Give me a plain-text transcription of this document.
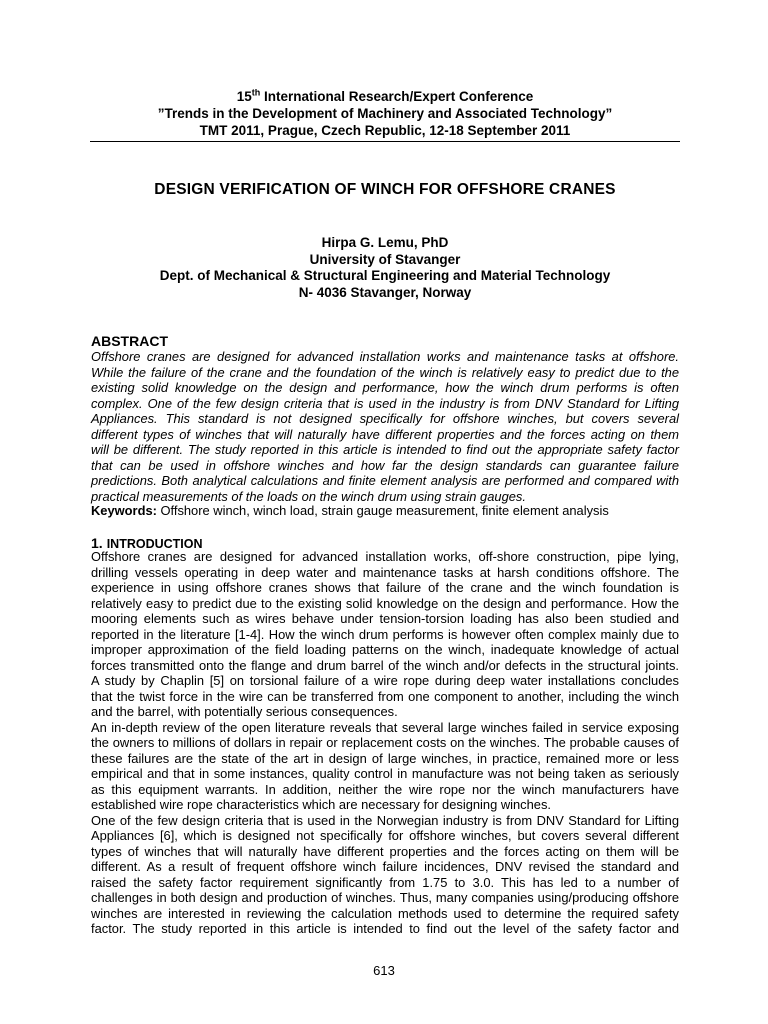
15th International Research/Expert Conference
”Trends in the Development of Machinery and Associated Technology”
TMT 2011, Prague, Czech Republic, 12-18 September 2011
DESIGN VERIFICATION OF WINCH FOR OFFSHORE CRANES
Hirpa G. Lemu, PhD
University of Stavanger
Dept. of Mechanical & Structural Engineering and Material Technology
N- 4036 Stavanger, Norway
ABSTRACT
Offshore cranes are designed for advanced installation works and maintenance tasks at offshore.
While the failure of the crane and the foundation of the winch is relatively easy to predict due to the
existing solid knowledge on the design and performance, how the winch drum performs is often
complex. One of the few design criteria that is used in the industry is from DNV Standard for Lifting
Appliances. This standard is not designed specifically for offshore winches, but covers several
different types of winches that will naturally have different properties and the forces acting on them
will be different. The study reported in this article is intended to find out the appropriate safety factor
that can be used in offshore winches and how far the design standards can guarantee failure
predictions. Both analytical calculations and finite element analysis are performed and compared with
practical measurements of the loads on the winch drum using strain gauges.
Keywords: Offshore winch, winch load, strain gauge measurement, finite element analysis
1. INTRODUCTION
Offshore cranes are designed for advanced installation works, off-shore construction, pipe lying,
drilling vessels operating in deep water and maintenance tasks at harsh conditions offshore. The
experience in using offshore cranes shows that failure of the crane and the winch foundation is
relatively easy to predict due to the existing solid knowledge on the design and performance. How the
mooring elements such as wires behave under tension-torsion loading has also been studied and
reported in the literature [1-4]. How the winch drum performs is however often complex mainly due to
improper approximation of the field loading patterns on the winch, inadequate knowledge of actual
forces transmitted onto the flange and drum barrel of the winch and/or defects in the structural joints.
A study by Chaplin [5] on torsional failure of a wire rope during deep water installations concludes
that the twist force in the wire can be transferred from one component to another, including the winch
and the barrel, with potentially serious consequences.
An in-depth review of the open literature reveals that several large winches failed in service exposing
the owners to millions of dollars in repair or replacement costs on the winches. The probable causes of
these failures are the state of the art in design of large winches, in practice, remained more or less
empirical and that in some instances, quality control in manufacture was not being taken as seriously
as this equipment warrants. In addition, neither the wire rope nor the winch manufacturers have
established wire rope characteristics which are necessary for designing winches.
One of the few design criteria that is used in the Norwegian industry is from DNV Standard for Lifting
Appliances [6], which is designed not specifically for offshore winches, but covers several different
types of winches that will naturally have different properties and the forces acting on them will be
different. As a result of frequent offshore winch failure incidences, DNV revised the standard and
raised the safety factor requirement significantly from 1.75 to 3.0. This has led to a number of
challenges in both design and production of winches. Thus, many companies using/producing offshore
winches are interested in reviewing the calculation methods used to determine the required safety
factor. The study reported in this article is intended to find out the level of the safety factor and
613
